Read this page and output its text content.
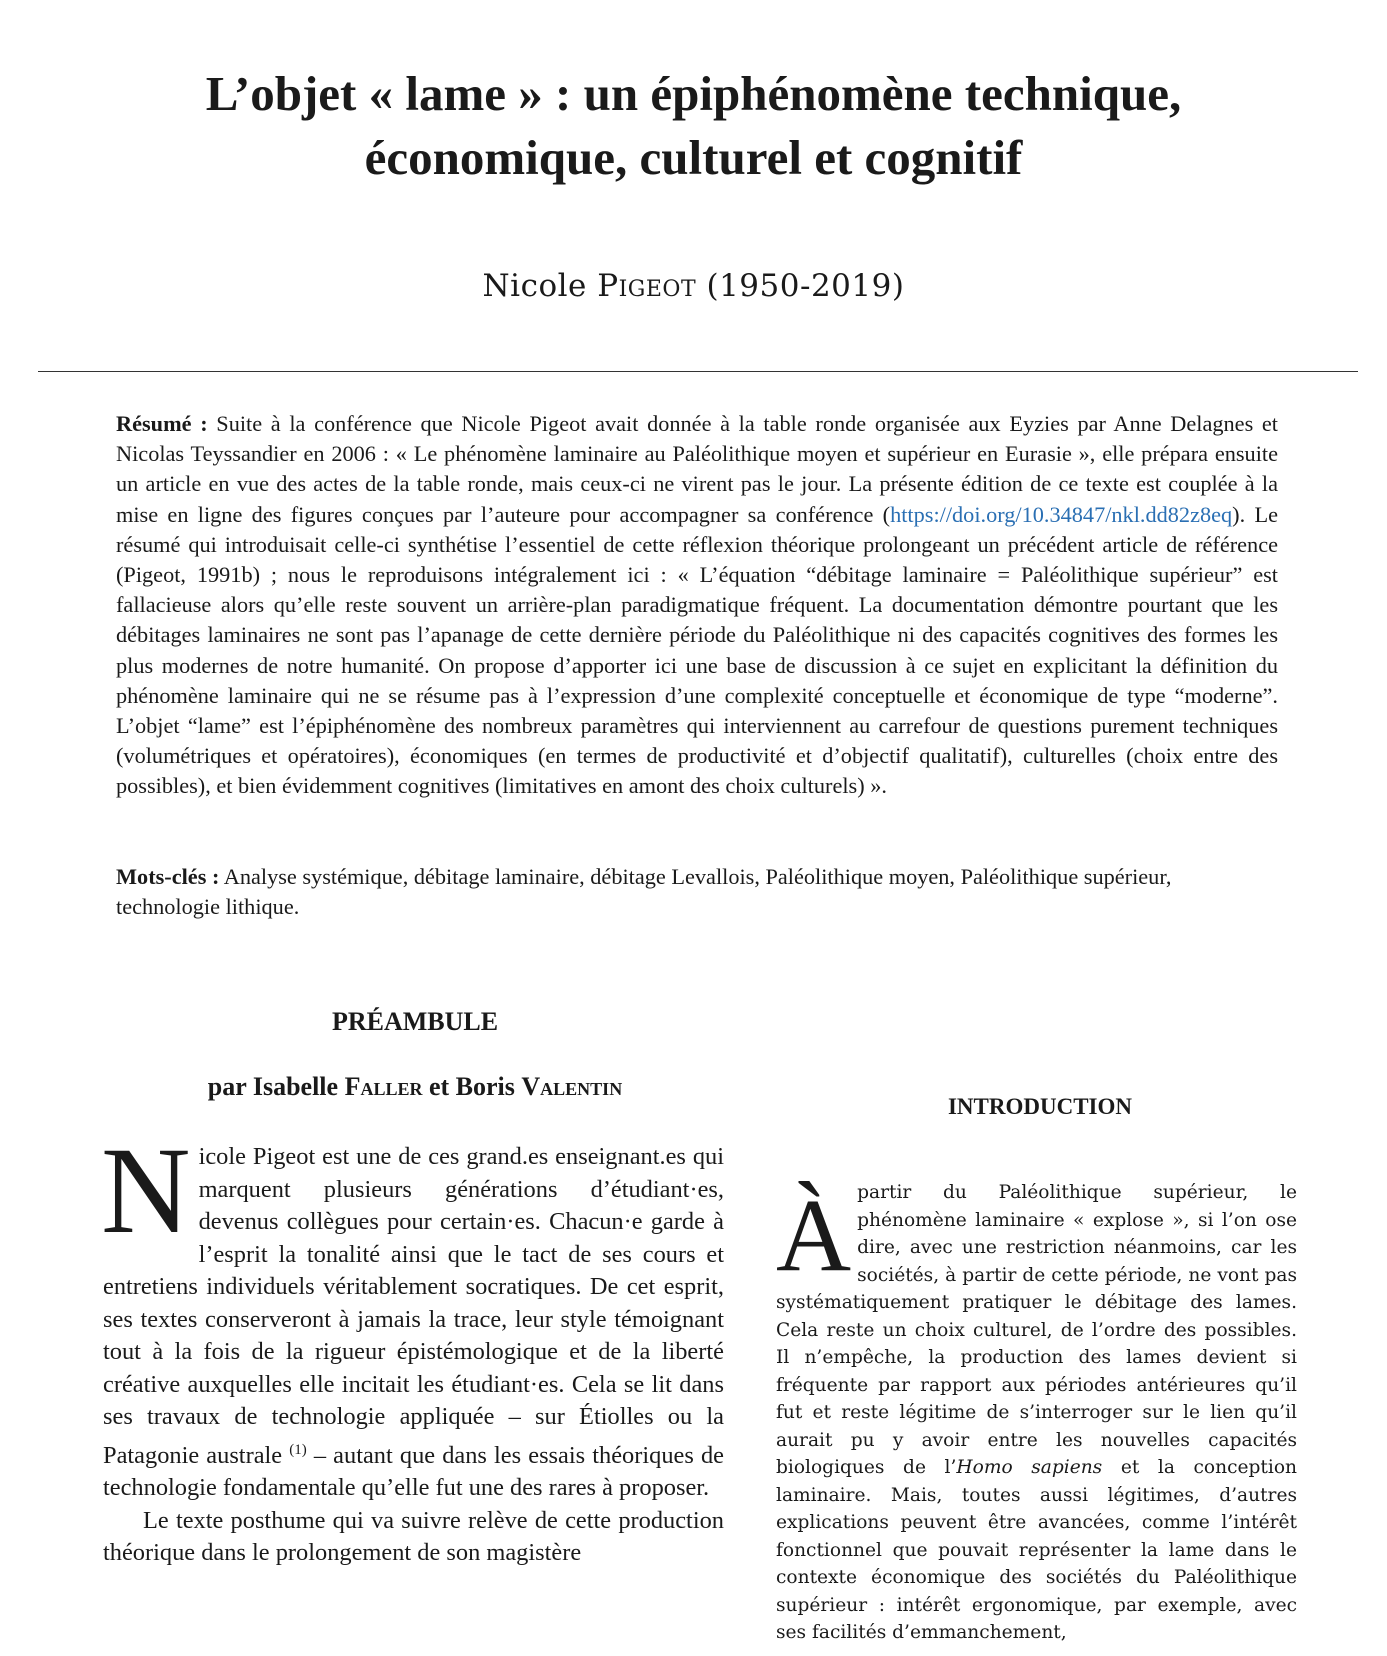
L’objet « lame » : un épiphénomène technique,
économique, culturel et cognitif
Nicole Pigeot (1950-2019)

Résumé : Suite à la conférence que Nicole Pigeot avait donnée à la table ronde organisée aux Eyzies par Anne Delagnes et Nicolas Teyssandier en 2006 : « Le phénomène laminaire au Paléolithique moyen et supérieur en Eurasie », elle prépara ensuite un article en vue des actes de la table ronde, mais ceux-ci ne virent pas le jour. La présente édition de ce texte est couplée à la mise en ligne des figures conçues par l’auteure pour accompagner sa conférence (https://doi.org/10.34847/nkl.dd82z8eq). Le résumé qui introduisait celle-ci synthétise l’essentiel de cette réflexion théorique prolongeant un précédent article de référence (Pigeot, 1991b) ; nous le reproduisons intégralement ici : « L’équation “débitage laminaire = Paléolithique supérieur” est fallacieuse alors qu’elle reste souvent un arrière-plan paradigmatique fréquent. La documentation démontre pourtant que les débitages laminaires ne sont pas l’apanage de cette dernière période du Paléolithique ni des capacités cognitives des formes les plus modernes de notre humanité. On propose d’apporter ici une base de discussion à ce sujet en explicitant la définition du phénomène laminaire qui ne se résume pas à l’expression d’une complexité conceptuelle et économique de type “moderne”. L’objet “lame” est l’épiphénomène des nombreux paramètres qui interviennent au carrefour de questions purement techniques (volumétriques et opératoires), économiques (en termes de productivité et d’objectif qualitatif), culturelles (choix entre des possibles), et bien évidemment cognitives (limitatives en amont des choix culturels) ».

Mots-clés : Analyse systémique, débitage laminaire, débitage Levallois, Paléolithique moyen, Paléolithique supérieur, technologie lithique.

PRÉAMBULE
par Isabelle Faller et Boris Valentin

Nicole Pigeot est une de ces grand.es enseignant.es qui marquent plusieurs générations d’étudiant·es, devenus collègues pour certain·es. Chacun·e garde à l’esprit la tonalité ainsi que le tact de ses cours et entretiens individuels véritablement socratiques. De cet esprit, ses textes conserveront à jamais la trace, leur style témoignant tout à la fois de la rigueur épistémologique et de la liberté créative auxquelles elle incitait les étudiant·es. Cela se lit dans ses travaux de technologie appliquée – sur Étiolles ou la Patagonie australe $^{(1)}$ – autant que dans les essais théoriques de technologie fondamentale qu’elle fut une des rares à proposer.

Le texte posthume qui va suivre relève de cette production théorique dans le prolongement de son magistère

INTRODUCTION

À partir du Paléolithique supérieur, le phénomène laminaire « explose », si l’on ose dire, avec une restriction néanmoins, car les sociétés, à partir de cette période, ne vont pas systématiquement pratiquer le débitage des lames. Cela reste un choix culturel, de l’ordre des possibles. Il n’empêche, la production des lames devient si fréquente par rapport aux périodes antérieures qu’il fut et reste légitime de s’interroger sur le lien qu’il aurait pu y avoir entre les nouvelles capacités biologiques de l’Homo sapiens et la conception laminaire. Mais, toutes aussi légitimes, d’autres explications peuvent être avancées, comme l’intérêt fonctionnel que pouvait représenter la lame dans le contexte économique des sociétés du Paléolithique supérieur : intérêt ergonomique, par exemple, avec ses facilités d’emmanchement,
